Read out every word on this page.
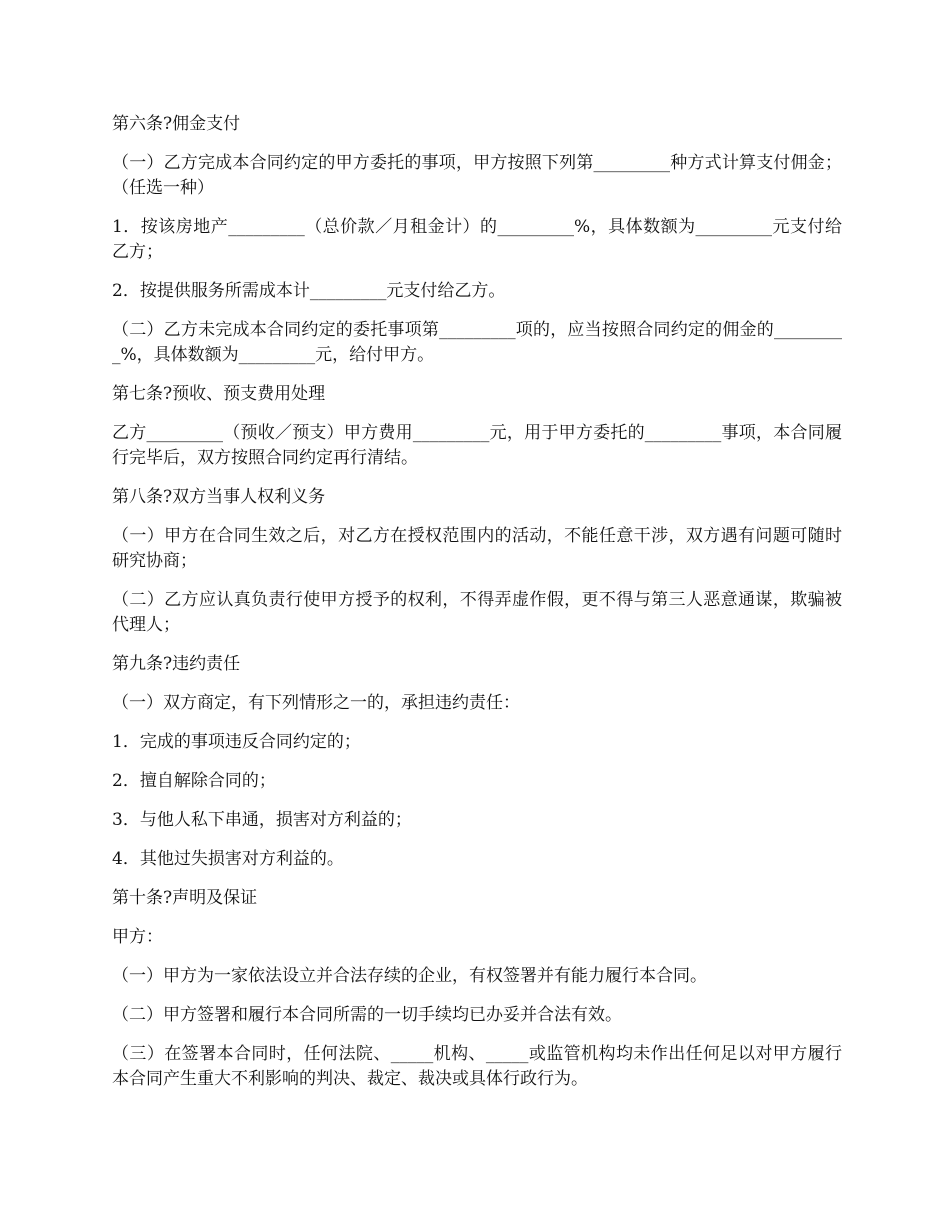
第六条?佣金支付

（一）乙方完成本合同约定的甲方委托的事项，甲方按照下列第_________种方式计算支付佣金；（任选一种）

1．按该房地产_________（总价款／月租金计）的_________%，具体数额为_________元支付给乙方；

2．按提供服务所需成本计_________元支付给乙方。

（二）乙方未完成本合同约定的委托事项第_________项的，应当按照合同约定的佣金的_________%，具体数额为_________元，给付甲方。

第七条?预收、预支费用处理

乙方_________（预收／预支）甲方费用_________元，用于甲方委托的_________事项，本合同履行完毕后，双方按照合同约定再行清结。

第八条?双方当事人权利义务

（一）甲方在合同生效之后，对乙方在授权范围内的活动，不能任意干涉，双方遇有问题可随时研究协商；

（二）乙方应认真负责行使甲方授予的权利，不得弄虚作假，更不得与第三人恶意通谋，欺骗被代理人；

第九条?违约责任

（一）双方商定，有下列情形之一的，承担违约责任：

1．完成的事项违反合同约定的；

2．擅自解除合同的；

3．与他人私下串通，损害对方利益的；

4．其他过失损害对方利益的。

第十条?声明及保证

甲方：

（一）甲方为一家依法设立并合法存续的企业，有权签署并有能力履行本合同。

（二）甲方签署和履行本合同所需的一切手续均已办妥并合法有效。

（三）在签署本合同时，任何法院、_____机构、_____或监管机构均未作出任何足以对甲方履行本合同产生重大不利影响的判决、裁定、裁决或具体行政行为。
